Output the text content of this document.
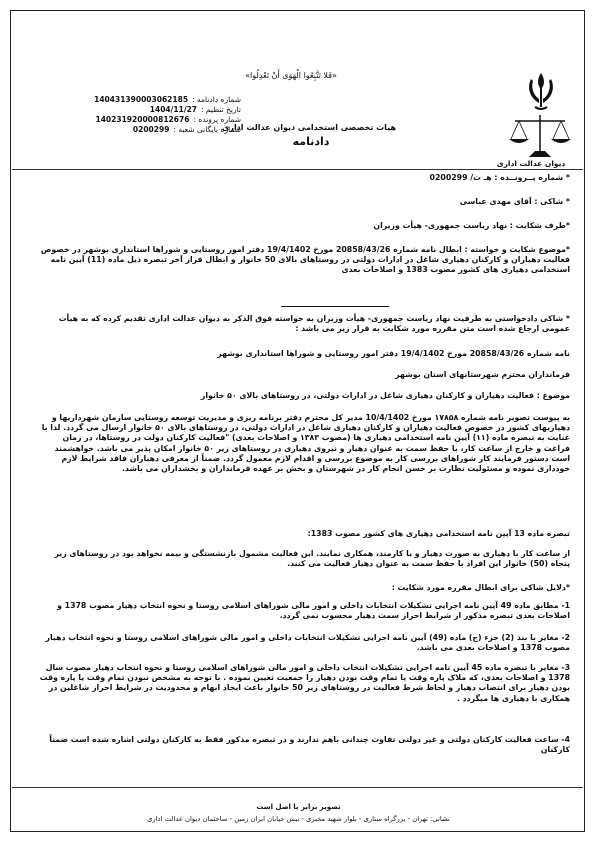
«فَلا تَتَّبِعُوا الْهَوَى أَنْ تَعْدِلُوا»
دیوان عدالت اداری
هیات تخصصی استخدامی دیوان عدالت اداری
دادنامه
شماره دادنامه :
140431390003062185
تاریخ تنظیم :
1404/11/27
شماره پرونده :
140231920000812676
شماره بایگانی شعبه :
0200299
* شماره پــرونــده : هـ ت/ 0200299
* شاکی : آقای مهدی عباسی
*طرف شکایت : نهاد ریاست جمهوری- هیأت وزیران
*موضوع شکایت و خواسته : ابطال نامه شماره 20858/43/26 مورخ 19/4/1402 دفتر امور روستایی و شوراها استانداری بوشهر در خصوص فعالیت دهیاران و کارکنان دهیاری شاغل در ادارات دولتی در روستاهای بالای 50 خانوار و ابطال فراز آخر تبصره ذیل ماده (11) آیین نامه استخدامی دهیاری های کشور مصوب 1383 و اصلاحات بعدی
* شاکی دادخواستی به طرفیت نهاد ریاست جمهوری- هیأت وزیران به خواسته فوق الذکر به دیوان عدالت اداری تقدیم کرده که به هیأت عمومی ارجاع شده است متن مقرره مورد شکایت به قرار زیر می باشد :
نامه شماره 20858/43/26 مورخ 19/4/1402 دفتر امور روستایی و شوراها استانداری بوشهر
فرمانداران محترم شهرستانهای استان بوشهر
موضوع : فعالیت دهیاران و کارکنان دهیاری شاغل در ادارات دولتی، در روستاهای بالای ۵۰ خانوار
به پیوست تصویر نامه شماره ۱۷۸۵۸ مورخ 10/4/1402 مدیر کل محترم دفتر برنامه ریزی و مدیریت توسعه روستایی سازمان شهرداریها و دهیاریهای کشور در خصوص فعالیت دهیاران و کارکنان دهیاری شاغل در ادارات دولتی، در روستاهای بالای ۵۰ خانوار ارسال می گردد. لذا با عنایت به تبصره ماده (۱۱) آیین نامه استخدامی دهیاری ها (مصوب ۱۳۸۳ و اصلاحات بعدی) "فعالیت کارکنان دولت در روستاها، در زمان فراغت و خارج از ساعت کار، با حفظ سمت به عنوان دهیار و نیروی دهیاری در روستاهای زیر ۵۰ خانوار امکان پذیر می باشد. خواهشمند است دستور فرمایند کار شوراهای بررسی کار به موضوع بررسی و اقدام لازم معمول گردد. ضمناً از معرفی دهیاران فاقد شرایط لازم خودداری نموده و مسئولیت نظارت بر حسن انجام کار در شهرستان و بخش بر عهده فرمانداران و بخشداران می باشد.
تبصره ماده 13 آیین نامه استخدامی دهیاری های کشور مصوب 1383:
از ساعت کار با دهیاری به صورت دهیار و یا کارمند، همکاری نمایند. این فعالیت مشمول بازنشستگی و بیمه نخواهد بود در روستاهای زیر پنجاه (50) خانوار این افراد با حفظ سمت به عنوان دهیار فعالیت می کنند.
*دلایل شاکی برای ابطال مقرره مورد شکایت :
1- مطابق ماده 49 آیین نامه اجرایی تشکیلات انتخابات داخلی و امور مالی شوراهای اسلامی روستا و نحوه انتخاب دهیار مصوب 1378 و اصلاحات بعدی تبصره مذکور از شرایط احراز سمت دهیار محسوب نمی گردد.
2- مغایر با بند (2) جزء (ج) ماده (49) آیین نامه اجرایی تشکیلات انتخابات داخلی و امور مالی شوراهای اسلامی روستا و نحوه انتخاب دهیار مصوب 1378 و اصلاحات بعدی می باشد.
3- مغایر با تبصره ماده 45 آیین نامه اجرایی تشکیلات انتخاب داخلی و امور مالی شوراهای اسلامی روستا و نحوه انتخاب دهیار مصوب سال 1378 و اصلاحات بعدی، که ملاک پاره وقت یا تمام وقت بودن دهیار را جمعیت تعیین نموده . با توجه به مشخص نبودن تمام وقت یا پاره وقت بودن دهیار برای انتصاب دهیار و لحاظ شرط فعالیت در روستاهای زیر 50 خانوار باعث ایجاد ابهام و محدودیت در شرایط احراز شاغلین در همکاری با دهیاری ها میگردد .
4- ساعت فعالیت کارکنان دولتی و غیر دولتی تفاوت چندانی باهم ندارند و در تبصره مذکور فقط به کارکنان دولتی اشاره شده است ضمناً کارکنان
تصویر برابر با اصل است
نشانی: تهران - بزرگراه ستاری - بلوار شهید مخبری - نبش خیابان ایران زمین - ساختمان دیوان عدالت اداری
